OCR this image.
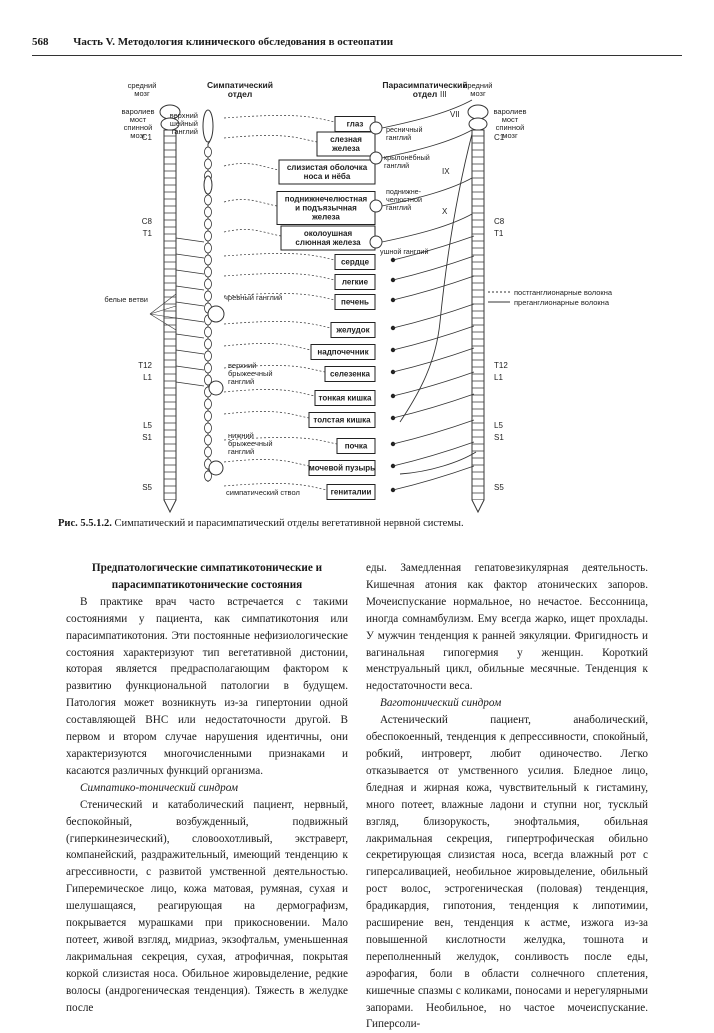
568 Часть V. Методология клинического обследования в остеопатии
Симпатический
отдел
Парасимпатический
отдел
средний
мозг
варолиев
мост
спинной
мозг
средний
мозг
варолиев
мост
спинной
мозг
C1
C8
T1
T12
L1
L5
S1
S5
C1
C8
T1
T12
L1
L5
S1
S5
III
VII
IX
X
верхний
шейный
ганглий
белые ветви	чревный ганглий
верхний
брыжеечный
ганглий
нижний
брыжеечный
ганглий
симпатический ствол
глаз
слезная
железа
слизистая оболочка
носа и нёба
поднижнечелюстная
и подъязычная
железа
околоушная
слюнная железа
сердце
легкие
печень
желудок
надпочечник
селезенка
тонкая кишка
толстая кишка
почка
мочевой пузырь
гениталии
ресничный
ганглий
крылонёбный
ганглий
поднижне-
челюстной
ганглий
ушной ганглий
постганглионарные волокна
преганглионарные волокна
Рис. 5.5.1.2. Симпатический и парасимпатический отделы вегетативной нервной системы.
Предпатологические симпатикотонические и парасимпатикотонические состояния

В практике врач часто встречается с такими состояниями у пациента, как симпатикотония или парасимпатикотония. Эти постоянные нефизиологические состояния характеризуют тип вегетативной дистонии, которая является предрасполагающим фактором к развитию функциональной патологии в будущем. Патология может возникнуть из-за гипертонии одной составляющей ВНС или недостаточности другой. В первом и втором случае нарушения идентичны, они характеризуются многочисленными признаками и касаются различных функций организма.

Симпатико-тонический синдром

Стенический и катаболический пациент, нервный, беспокойный, возбужденный, подвижный (гиперкинезический), словоохотливый, экстраверт, компанейский, раздражительный, имеющий тенденцию к агрессивности, с развитой умственной деятельностью. Гиперемическое лицо, кожа матовая, румяная, сухая и шелушащаяся, реагирующая на дермографизм, покрывается мурашками при прикосновении. Мало потеет, живой взгляд, мидриаз, экзофтальм, уменьшенная лакримальная секреция, сухая, атрофичная, покрытая коркой слизистая носа. Обильное жировыделение, редкие волосы (андрогеническая тенденция). Тяжесть в желудке после

еды. Замедленная гепатовезикулярная деятельность. Кишечная атония как фактор атонических запоров. Мочеиспускание нормальное, но нечастое. Бессонница, иногда сомнамбулизм. Ему всегда жарко, ищет прохлады. У мужчин тенденция к ранней эякуляции. Фригидность и вагинальная гипогермия у женщин. Короткий менструальный цикл, обильные месячные. Тенденция к недостаточности веса.

Ваготонический синдром

Астенический пациент, анаболический, обеспокоенный, тенденция к депрессивности, спокойный, робкий, интроверт, любит одиночество. Легко отказывается от умственного усилия. Бледное лицо, бледная и жирная кожа, чувствительный к гистамину, много потеет, влажные ладони и ступни ног, тусклый взгляд, близорукость, энофтальмия, обильная лакримальная секреция, гипертрофическая обильно секретирующая слизистая носа, всегда влажный рот с гиперсаливацией, необильное жировыделение, обильный рост волос, эстрогеническая (половая) тенденция, брадикардия, гипотония, тенденция к липотимии, расширение вен, тенденция к астме, изжога из-за повышенной кислотности желудка, тошнота и переполненный желудок, сонливость после еды, аэрофагия, боли в области солнечного сплетения, кишечные спазмы с коликами, поносами и нерегулярными запорами. Необильное, но частое мочеиспускание. Гиперсоли-
